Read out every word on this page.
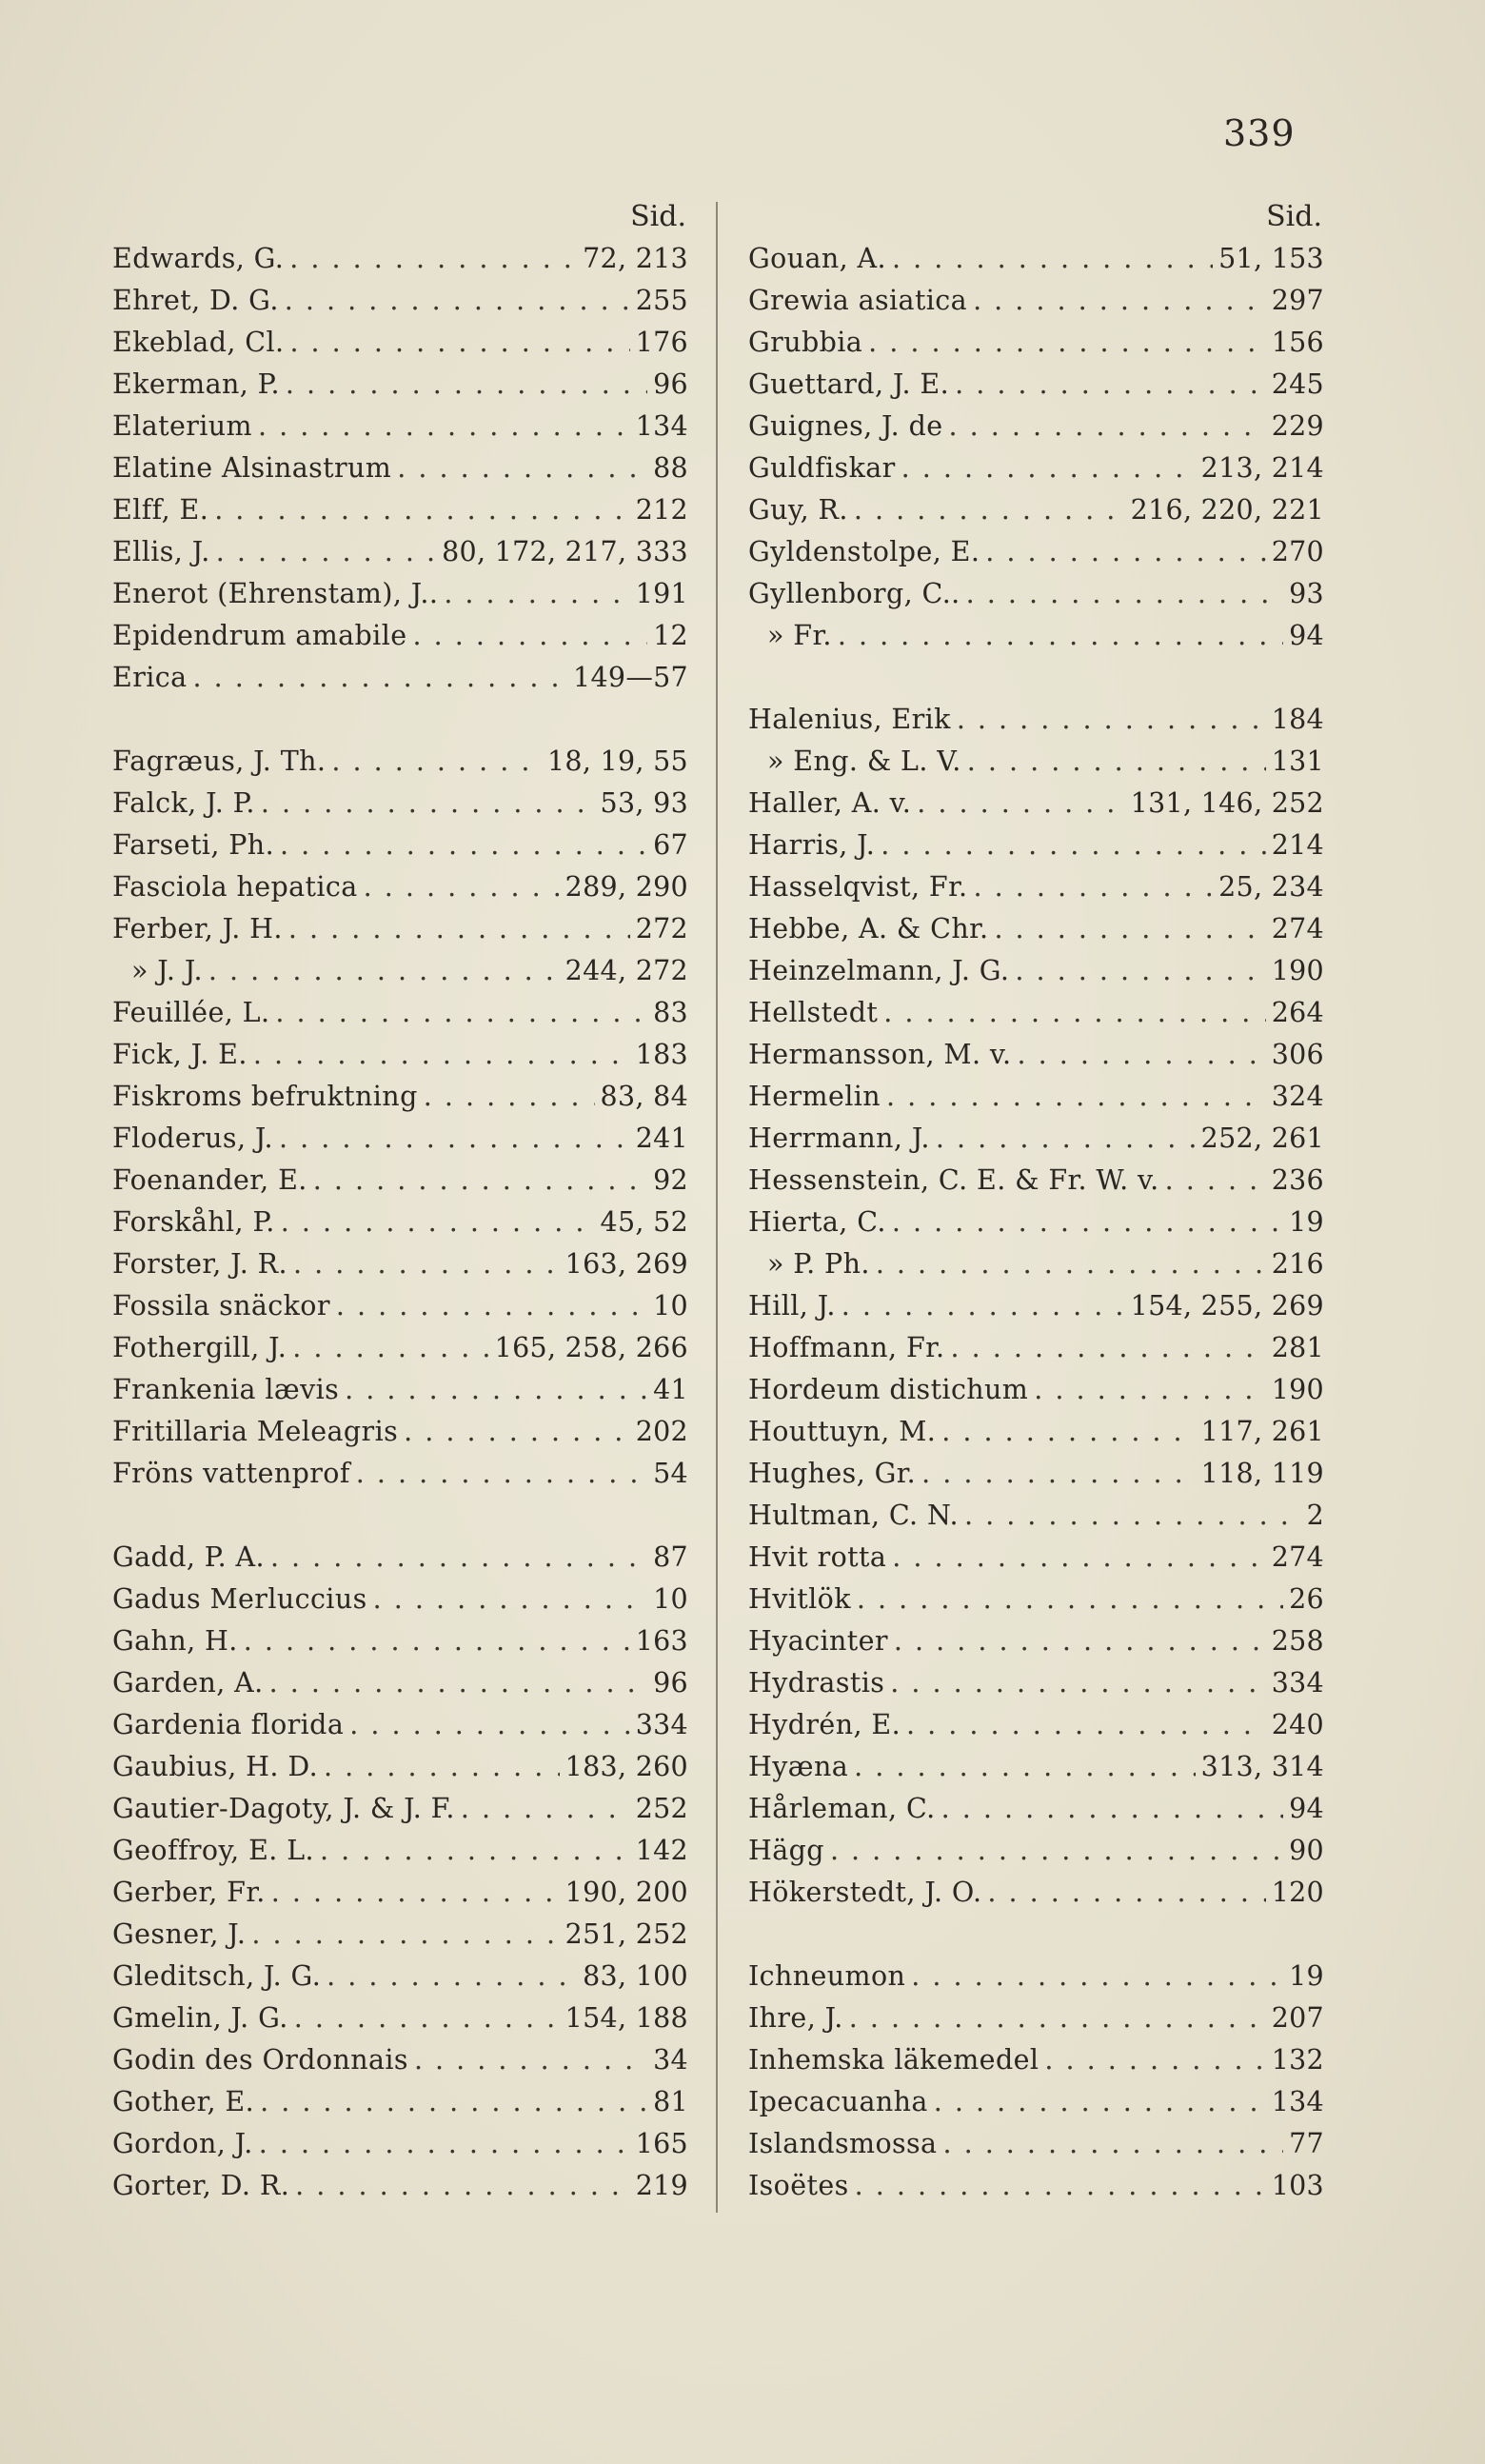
339
Sid.
Edwards, G. . . .	72, 213
Ehret, D. G. . . .	255
Ekeblad, Cl. . . .	176
Ekerman, P. . . .	96
Elaterium . . .	134
Elatine Alsinastrum . . .	88
Elff, E. . . .	212
Ellis, J. . . .	80, 172, 217, 333
Enerot (Ehrenstam), J.. . . .	191
Epidendrum amabile . . .	12
Erica . . .	149—57
Fagræus, J. Th. . . .	18, 19, 55
Falck, J. P. . . .	53, 93
Farseti, Ph. . . .	67
Fasciola hepatica . . .	289, 290
Ferber, J. H. . . .	272
» J. J. . . .	244, 272
Feuillée, L. . . .	83
Fick, J. E. . . .	183
Fiskroms befruktning . . .	83, 84
Floderus, J. . . .	241
Foenander, E. . . .	92
Forskåhl, P. . . .	45, 52
Forster, J. R. . . .	163, 269
Fossila snäckor . . .	10
Fothergill, J. . . .	165, 258, 266
Frankenia lævis . . .	41
Fritillaria Meleagris . . .	202
Fröns vattenprof . . .	54
Gadd, P. A. . . .	87
Gadus Merluccius . . .	10
Gahn, H. . . .	163
Garden, A. . . .	96
Gardenia florida . . .	334
Gaubius, H. D. . . .	183, 260
Gautier-Dagoty, J. & J. F. . . .	252
Geoffroy, E. L. . . .	142
Gerber, Fr. . . .	190, 200
Gesner, J. . . .	251, 252
Gleditsch, J. G. . . .	83, 100
Gmelin, J. G. . . .	154, 188
Godin des Ordonnais . . .	34
Gother, E. . . .	81
Gordon, J. . . .	165
Gorter, D. R. . . .	219
Sid.
Gouan, A. . . .	51, 153
Grewia asiatica . . .	297
Grubbia . . .	156
Guettard, J. E. . . .	245
Guignes, J. de . . .	229
Guldfiskar . . .	213, 214
Guy, R. . . .	216, 220, 221
Gyldenstolpe, E. . . .	270
Gyllenborg, C.. . . .	93
» Fr. . . .	94
Halenius, Erik . . .	184
» Eng. & L. V. . . .	131
Haller, A. v. . . .	131, 146, 252
Harris, J. . . .	214
Hasselqvist, Fr. . . .	25, 234
Hebbe, A. & Chr. . . .	274
Heinzelmann, J. G. . . .	190
Hellstedt . . .	264
Hermansson, M. v. . . .	306
Hermelin . . .	324
Herrmann, J. . . .	252, 261
Hessenstein, C. E. & Fr. W. v. . . .	236
Hierta, C. . . .	19
» P. Ph. . . .	216
Hill, J. . . .	154, 255, 269
Hoffmann, Fr. . . .	281
Hordeum distichum . . .	190
Houttuyn, M. . . .	117, 261
Hughes, Gr. . . .	118, 119
Hultman, C. N. . . .	2
Hvit rotta . . .	274
Hvitlök . . .	26
Hyacinter . . .	258
Hydrastis . . .	334
Hydrén, E. . . .	240
Hyæna . . .	313, 314
Hårleman, C. . . .	94
Hägg . . .	90
Hökerstedt, J. O. . . .	120
Ichneumon . . .	19
Ihre, J. . . .	207
Inhemska läkemedel . . .	132
Ipecacuanha . . .	134
Islandsmossa . . .	77
Isoëtes . . .	103
